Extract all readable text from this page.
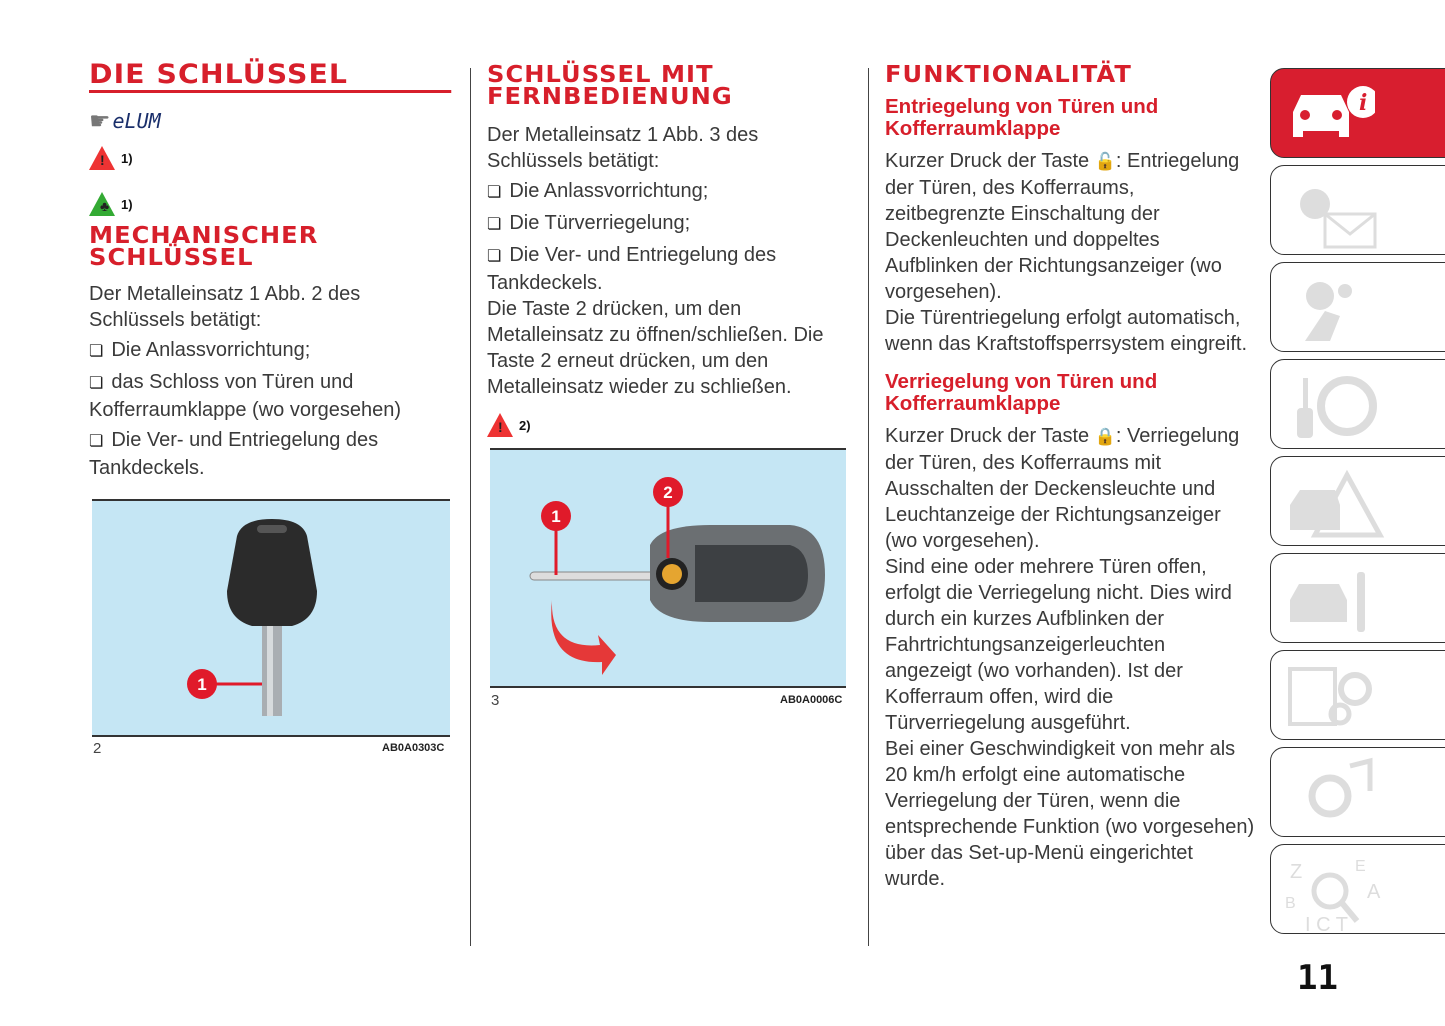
DIE SCHLÜSSEL
☛ eLUM
! 1)
♣ 1)
MECHANISCHER SCHLÜSSEL

Der Metalleinsatz 1 Abb. 2 des Schlüssels betätigt:

❏ Die Anlassvorrichtung;

❏ das Schloss von Türen und Kofferraumklappe (wo vorgesehen)

❏ Die Ver- und Entriegelung des Tankdeckels.

1
2	AB0A0303C
SCHLÜSSEL MIT FERNBEDIENUNG

Der Metalleinsatz 1 Abb. 3 des Schlüssels betätigt:

❏ Die Anlassvorrichtung;

❏ Die Türverriegelung;

❏ Die Ver- und Entriegelung des Tankdeckels.

Die Taste 2 drücken, um den Metalleinsatz zu öffnen/schließen. Die Taste 2 erneut drücken, um den Metalleinsatz wieder zu schließen.

! 2)
1
2
3	AB0A0006C
FUNKTIONALITÄT
Entriegelung von Türen und Kofferraumklappe

Kurzer Druck der Taste 🔓: Entriegelung der Türen, des Kofferraums, zeitbegrenzte Einschaltung der Deckenleuchten und doppeltes Aufblinken der Richtungsanzeiger (wo vorgesehen).

Die Türentriegelung erfolgt automatisch, wenn das Kraftstoffsperrsystem eingreift.

Verriegelung von Türen und Kofferraumklappe

Kurzer Druck der Taste 🔒: Verriegelung der Türen, des Kofferraums mit Ausschalten der Deckensleuchte und Leuchtanzeige der Richtungsanzeiger (wo vorgesehen).

Sind eine oder mehrere Türen offen, erfolgt die Verriegelung nicht. Dies wird durch ein kurzes Aufblinken der Fahrtrichtungsanzeigerleuchten angezeigt (wo vorhanden). Ist der Kofferraum offen, wird die Türverriegelung ausgeführt.

Bei einer Geschwindigkeit von mehr als 20 km/h erfolgt eine automatische Verriegelung der Türen, wenn die entsprechende Funktion (wo vorgesehen) über das Set-up-Menü eingerichtet wurde.

i
Z	E
B
A
I C T
11
